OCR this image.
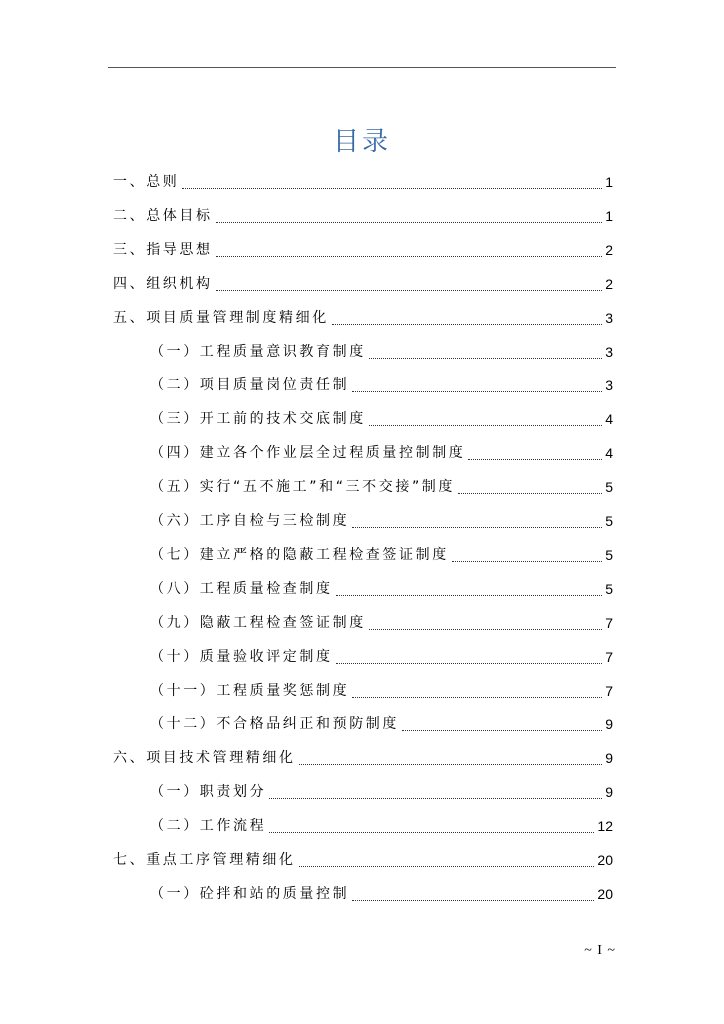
目录
一、总则	1
二、总体目标	1
三、指导思想	2
四、组织机构	2
五、项目质量管理制度精细化	3
（一）工程质量意识教育制度	3
（二）项目质量岗位责任制	3
（三）开工前的技术交底制度	4
（四）建立各个作业层全过程质量控制制度	4
（五）实行“五不施工”和“三不交接”制度	5
（六）工序自检与三检制度	5
（七）建立严格的隐蔽工程检查签证制度	5
（八）工程质量检查制度	5
（九）隐蔽工程检查签证制度	7
（十）质量验收评定制度	7
（十一）工程质量奖惩制度	7
（十二）不合格品纠正和预防制度	9
六、项目技术管理精细化	9
（一）职责划分	9
（二）工作流程	12
七、重点工序管理精细化	20
（一）砼拌和站的质量控制	20
~ I ~
